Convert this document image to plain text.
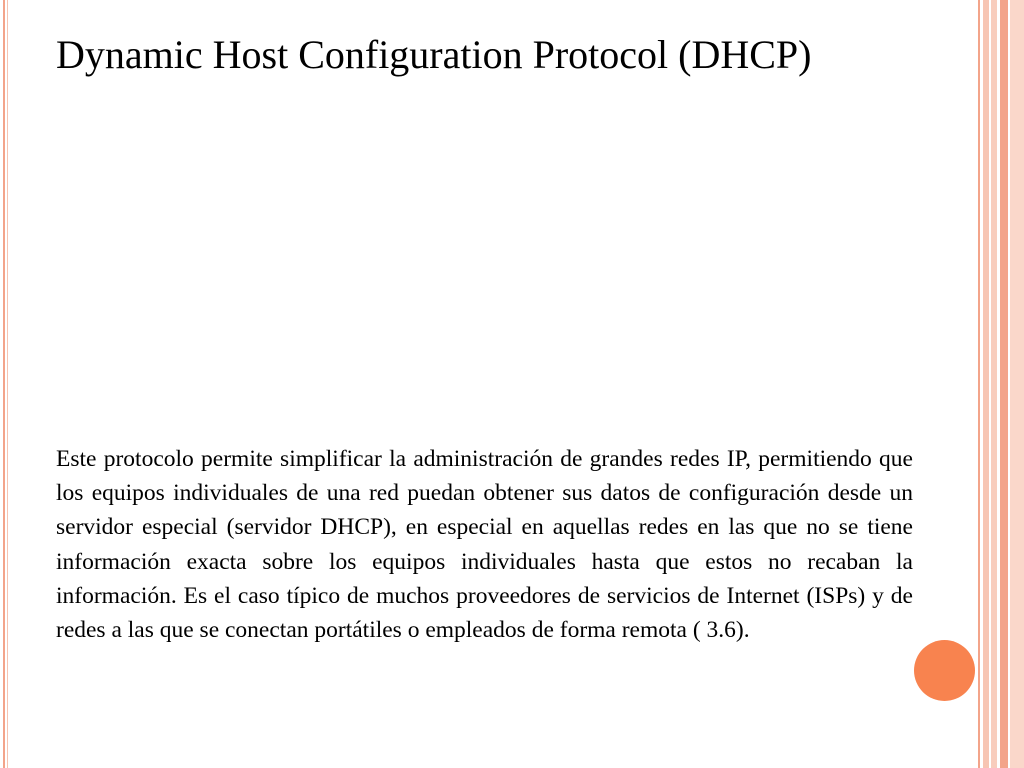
Dynamic Host Configuration Protocol (DHCP)

Este protocolo permite simplificar la administración de grandes redes IP, permitiendo que los equipos individuales de una red puedan obtener sus datos de configuración desde un servidor especial (servidor DHCP), en especial en aquellas redes en las que no se tiene información exacta sobre los equipos individuales hasta que estos no recaban la información. Es el caso típico de muchos proveedores de servicios de Internet (ISPs) y de redes a las que se conectan portátiles o empleados de forma remota ( 3.6).
